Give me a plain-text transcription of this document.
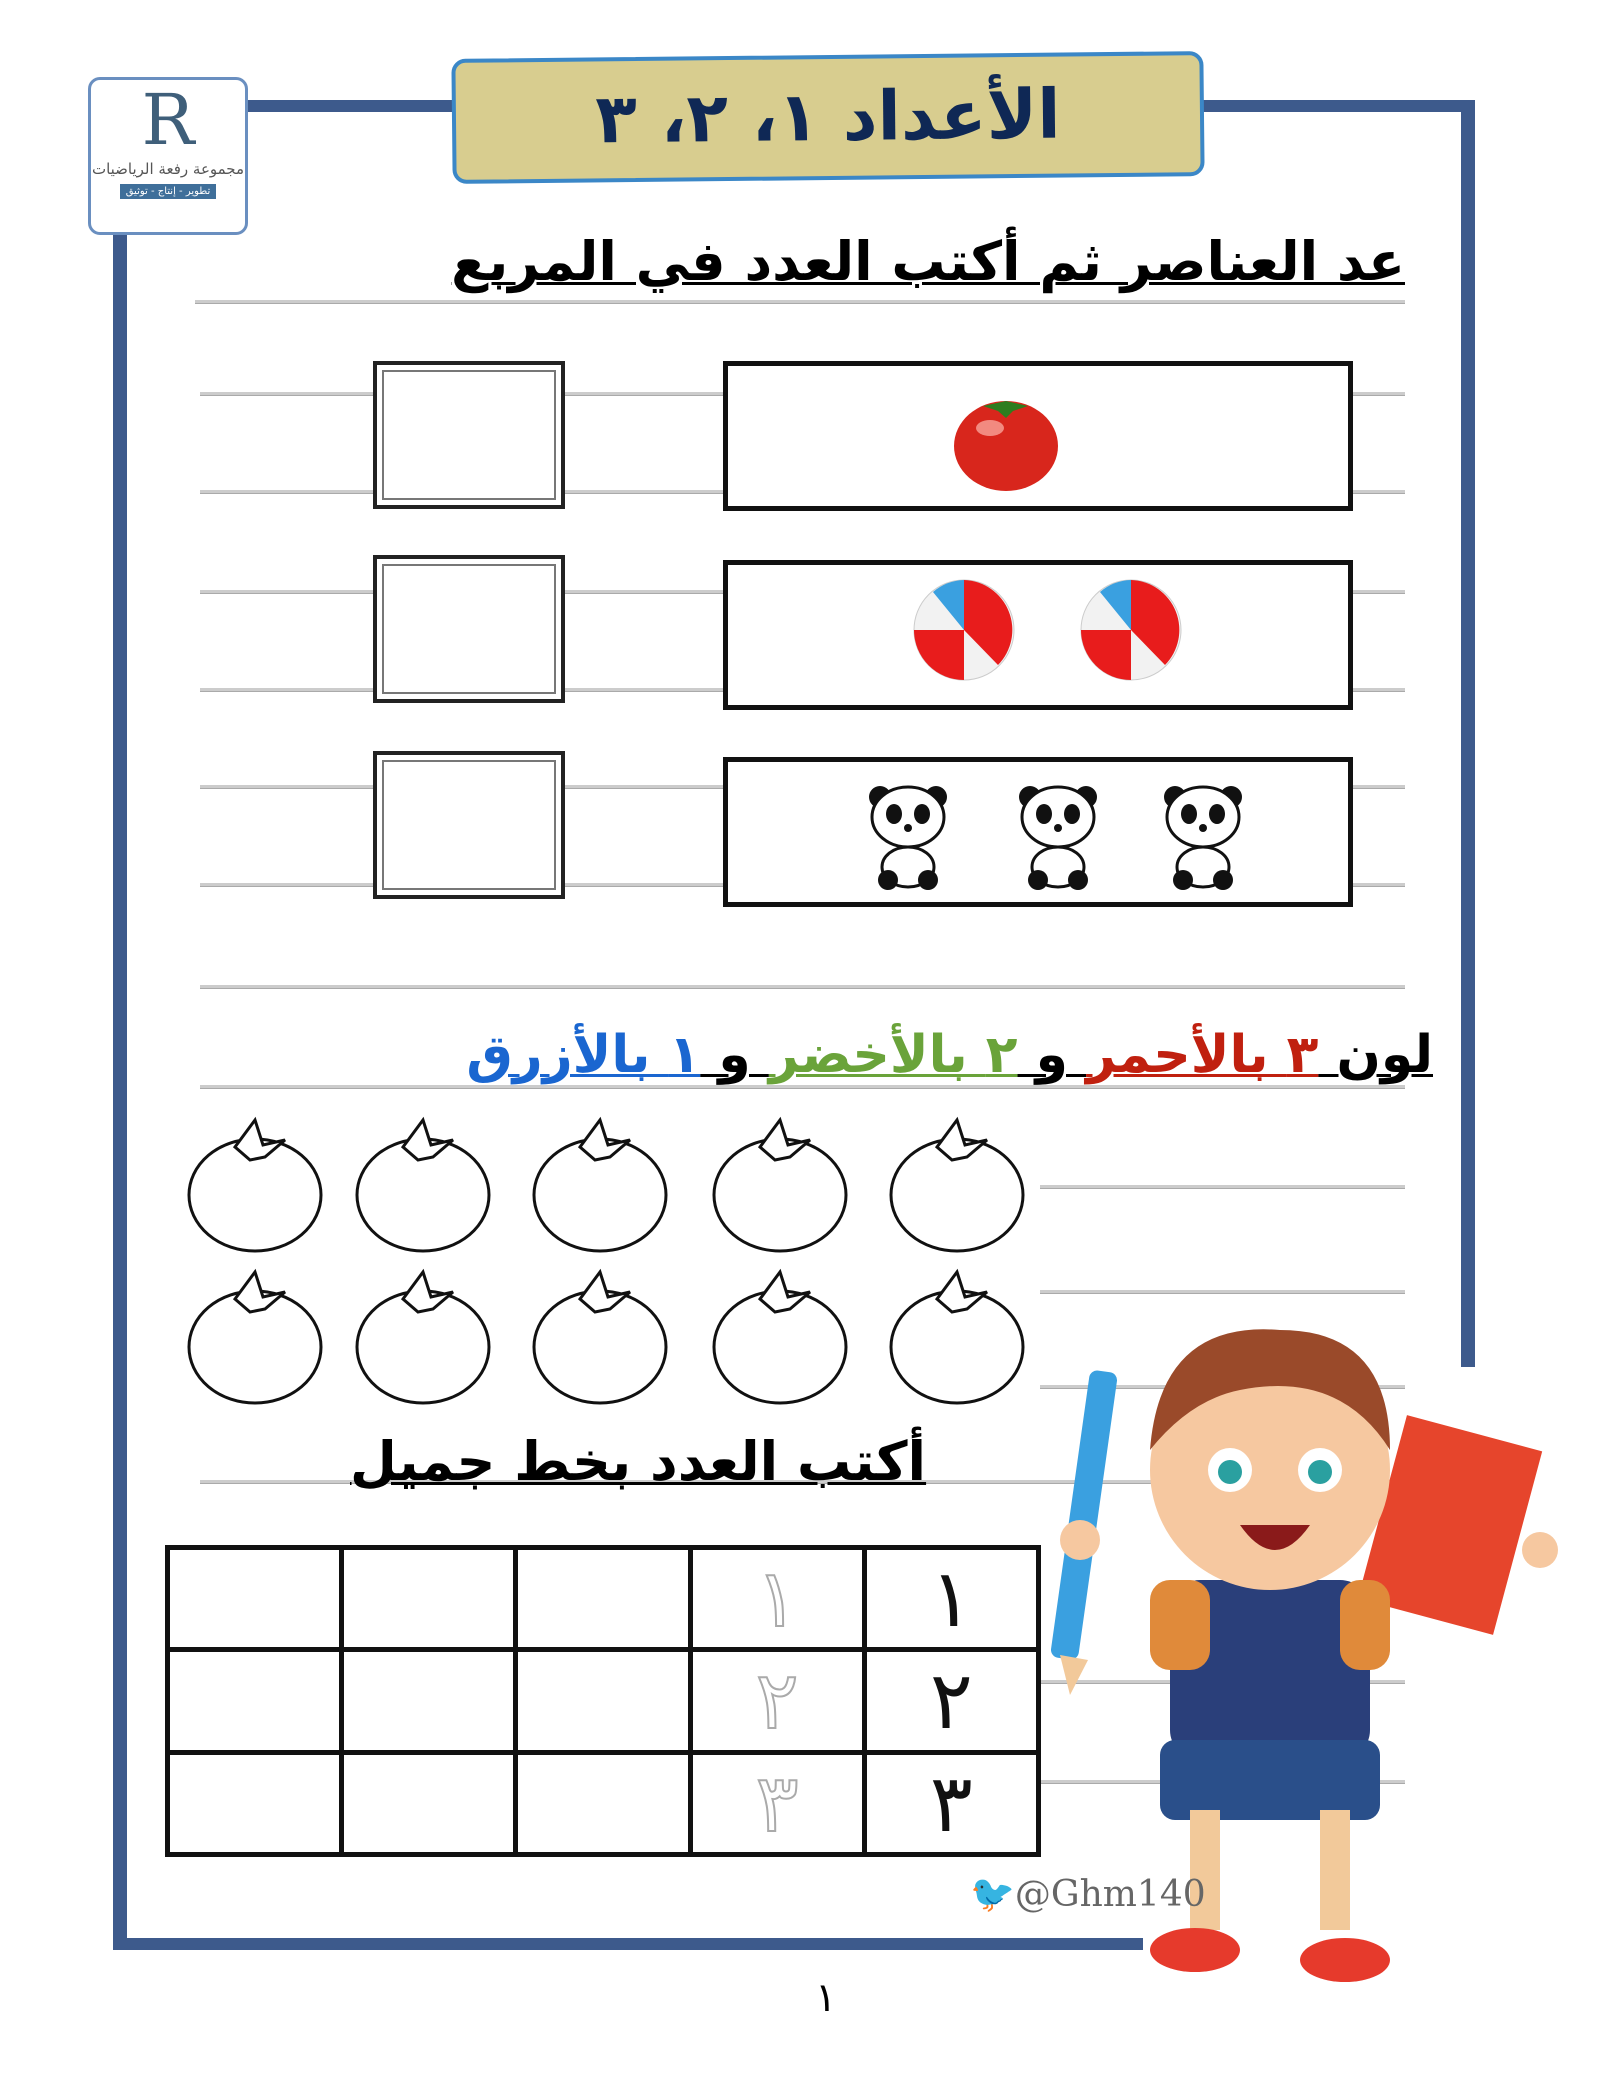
R
مجموعة رفعة الرياضيات
تطوير - إنتاج - توثيق
الأعداد ١، ٢، ٣
عد العناصر ثم أكتب العدد في المربع
لون ٣ بالأحمر و ٢ بالأخضر و ١ بالأزرق
أكتب العدد بخط جميل
١	١			
٢	٢			
٣	٣			
🐦@Ghm140
١
